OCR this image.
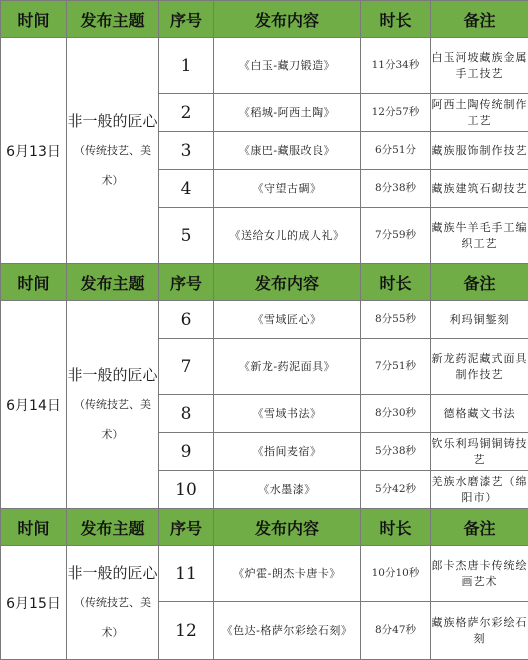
时间	发布主题	序号	发布内容	时长	备注
6月13日	非一般的匠心（传统技艺、美术）	1	《白玉-藏刀锻造》	11分34秒	白玉河坡藏族金属手工技艺
		2	《稻城-阿西土陶》	12分57秒	阿西土陶传统制作工艺
		3	《康巴-藏服改良》	6分51分	藏族服饰制作技艺
		4	《守望古碉》	8分38秒	藏族建筑石砌技艺
		5	《送给女儿的成人礼》	7分59秒	藏族牛羊毛手工编织工艺
时间	发布主题	序号	发布内容	时长	备注
6月14日	非一般的匠心（传统技艺、美术）	6	《雪域匠心》	8分55秒	利玛铜錾刻
		7	《新龙-药泥面具》	7分51秒	新龙药泥藏式面具制作技艺
		8	《雪域书法》	8分30秒	德格藏文书法
		9	《指间麦宿》	5分38秒	钦乐利玛铜铜铸技艺
		10	《水墨漆》	5分42秒	羌族水磨漆艺（绵阳市）
时间	发布主题	序号	发布内容	时长	备注
6月15日	非一般的匠心（传统技艺、美术）	11	《炉霍-朗杰卡唐卡》	10分10秒	郎卡杰唐卡传统绘画艺术
		12	《色达-格萨尔彩绘石刻》	8分47秒	藏族格萨尔彩绘石刻
